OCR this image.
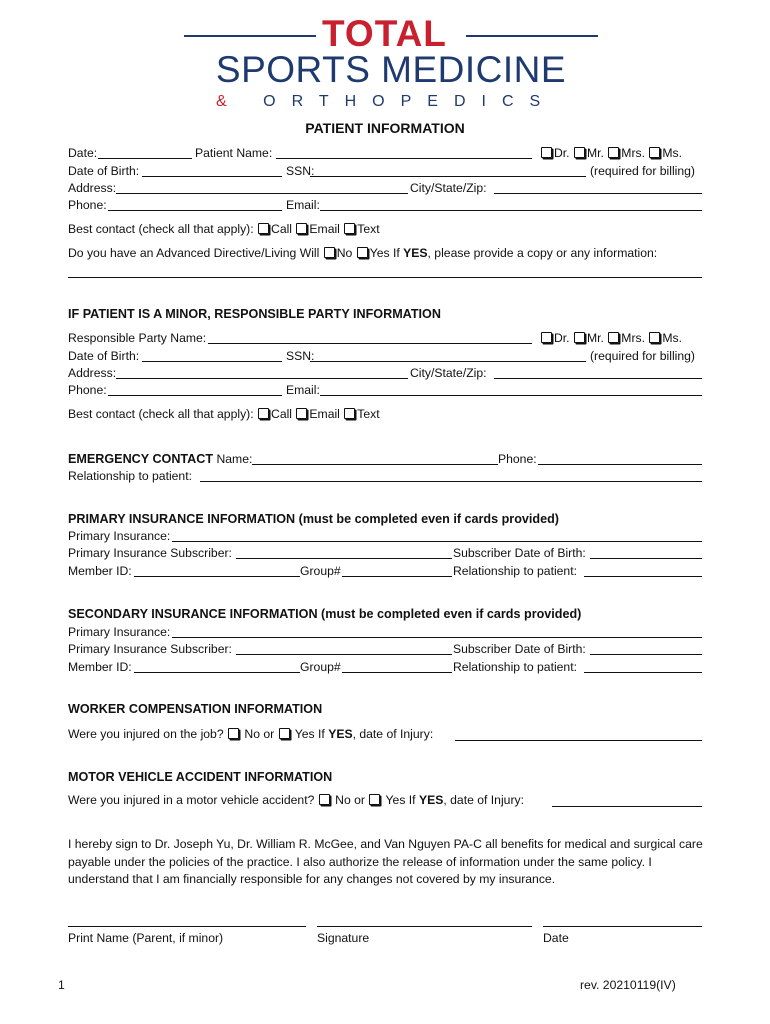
TOTAL
SPORTS MEDICINE
& ORTHOPEDICS
PATIENT INFORMATION
Date:	Patient Name:	Dr. Mr. Mrs. Ms.
Date of Birth:	SSN:	(required for billing)
Address:	City/State/Zip:
Phone:	Email:
Best contact (check all that apply): Call Email Text
Do you have an Advanced Directive/Living Will No Yes If YES, please provide a copy or any information:
IF PATIENT IS A MINOR, RESPONSIBLE PARTY INFORMATION
Responsible Party Name:	Dr. Mr. Mrs. Ms.
Date of Birth:	SSN:	(required for billing)
Address:	City/State/Zip:
Phone:	Email:
Best contact (check all that apply): Call Email Text
EMERGENCY CONTACT Name:	Phone:
Relationship to patient:
PRIMARY INSURANCE INFORMATION (must be completed even if cards provided)
Primary Insurance:
Primary Insurance Subscriber:	Subscriber Date of Birth:
Member ID:	Group#	Relationship to patient:
SECONDARY INSURANCE INFORMATION (must be completed even if cards provided)
Primary Insurance:
Primary Insurance Subscriber:	Subscriber Date of Birth:
Member ID:	Group#	Relationship to patient:
WORKER COMPENSATION INFORMATION
Were you injured on the job? No or Yes If YES, date of Injury:
MOTOR VEHICLE ACCIDENT INFORMATION
Were you injured in a motor vehicle accident? No or Yes If YES, date of Injury:
I hereby sign to Dr. Joseph Yu, Dr. William R. McGee, and Van Nguyen PA-C all benefits for medical and surgical care payable under the policies of the practice. I also authorize the release of information under the same policy. I understand that I am financially responsible for any changes not covered by my insurance.
Print Name (Parent, if minor)	Signature	Date
1	rev. 20210119(IV)
